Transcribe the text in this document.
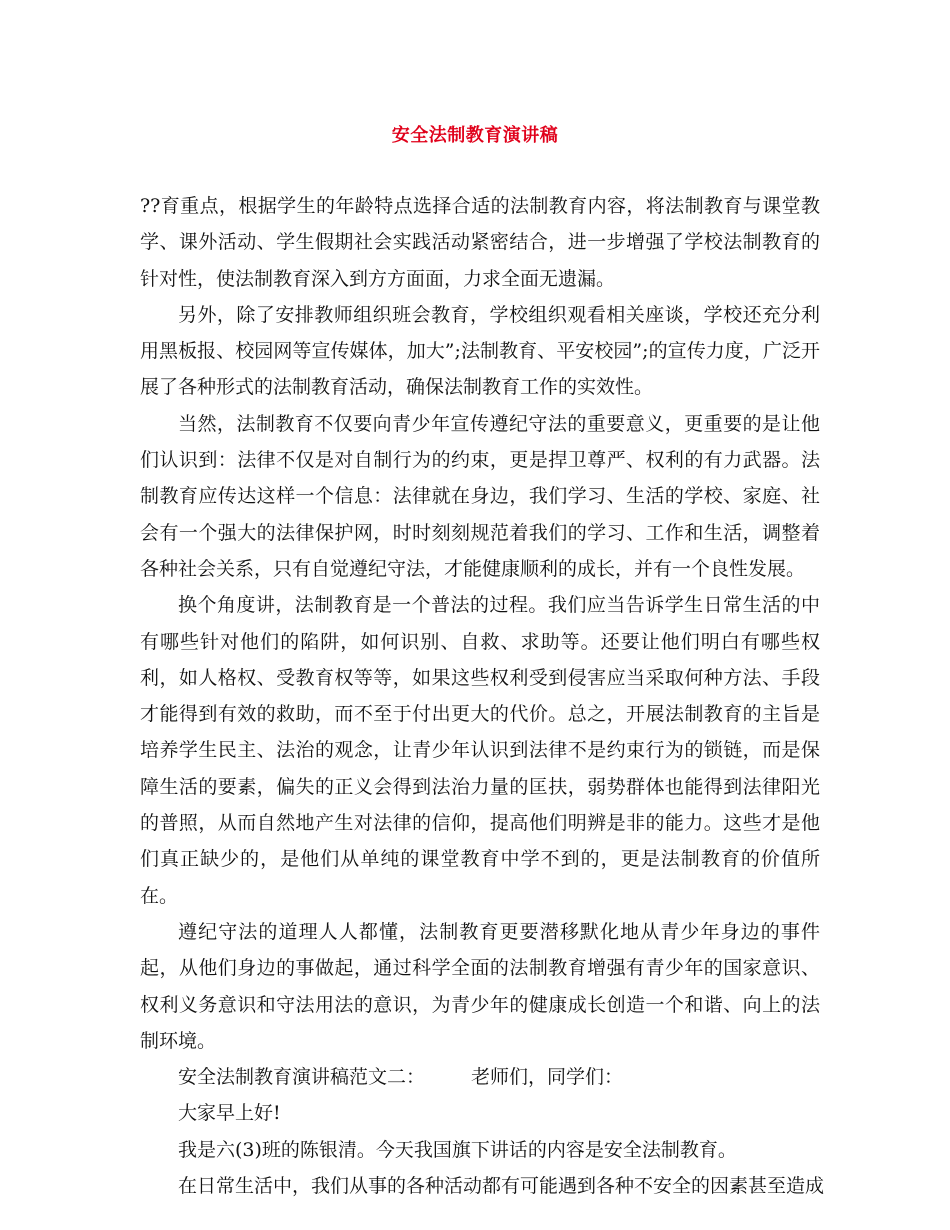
安全法制教育演讲稿

??育重点，根据学生的年龄特点选择合适的法制教育内容，将法制教育与课堂教学、课外活动、学生假期社会实践活动紧密结合，进一步增强了学校法制教育的针对性，使法制教育深入到方方面面，力求全面无遗漏。

另外，除了安排教师组织班会教育，学校组织观看相关座谈，学校还充分利用黑板报、校园网等宣传媒体，加大”;法制教育、平安校园”;的宣传力度，广泛开展了各种形式的法制教育活动，确保法制教育工作的实效性。

当然，法制教育不仅要向青少年宣传遵纪守法的重要意义，更重要的是让他们认识到：法律不仅是对自制行为的约束，更是捍卫尊严、权利的有力武器。法制教育应传达这样一个信息：法律就在身边，我们学习、生活的学校、家庭、社会有一个强大的法律保护网，时时刻刻规范着我们的学习、工作和生活，调整着各种社会关系，只有自觉遵纪守法，才能健康顺利的成长，并有一个良性发展。

换个角度讲，法制教育是一个普法的过程。我们应当告诉学生日常生活的中有哪些针对他们的陷阱，如何识别、自救、求助等。还要让他们明白有哪些权利，如人格权、受教育权等等，如果这些权利受到侵害应当采取何种方法、手段才能得到有效的救助，而不至于付出更大的代价。总之，开展法制教育的主旨是培养学生民主、法治的观念，让青少年认识到法律不是约束行为的锁链，而是保障生活的要素，偏失的正义会得到法治力量的匡扶，弱势群体也能得到法律阳光的普照，从而自然地产生对法律的信仰，提高他们明辨是非的能力。这些才是他们真正缺少的，是他们从单纯的课堂教育中学不到的，更是法制教育的价值所在。

遵纪守法的道理人人都懂，法制教育更要潜移默化地从青少年身边的事件起，从他们身边的事做起，通过科学全面的法制教育增强有青少年的国家意识、权利义务意识和守法用法的意识，为青少年的健康成长创造一个和谐、向上的法制环境。

安全法制教育演讲稿范文二： 老师们，同学们：

大家早上好!

我是六(3)班的陈银清。今天我国旗下讲话的内容是安全法制教育。

在日常生活中，我们从事的各种活动都有可能遇到各种不安全的因素甚至造成
